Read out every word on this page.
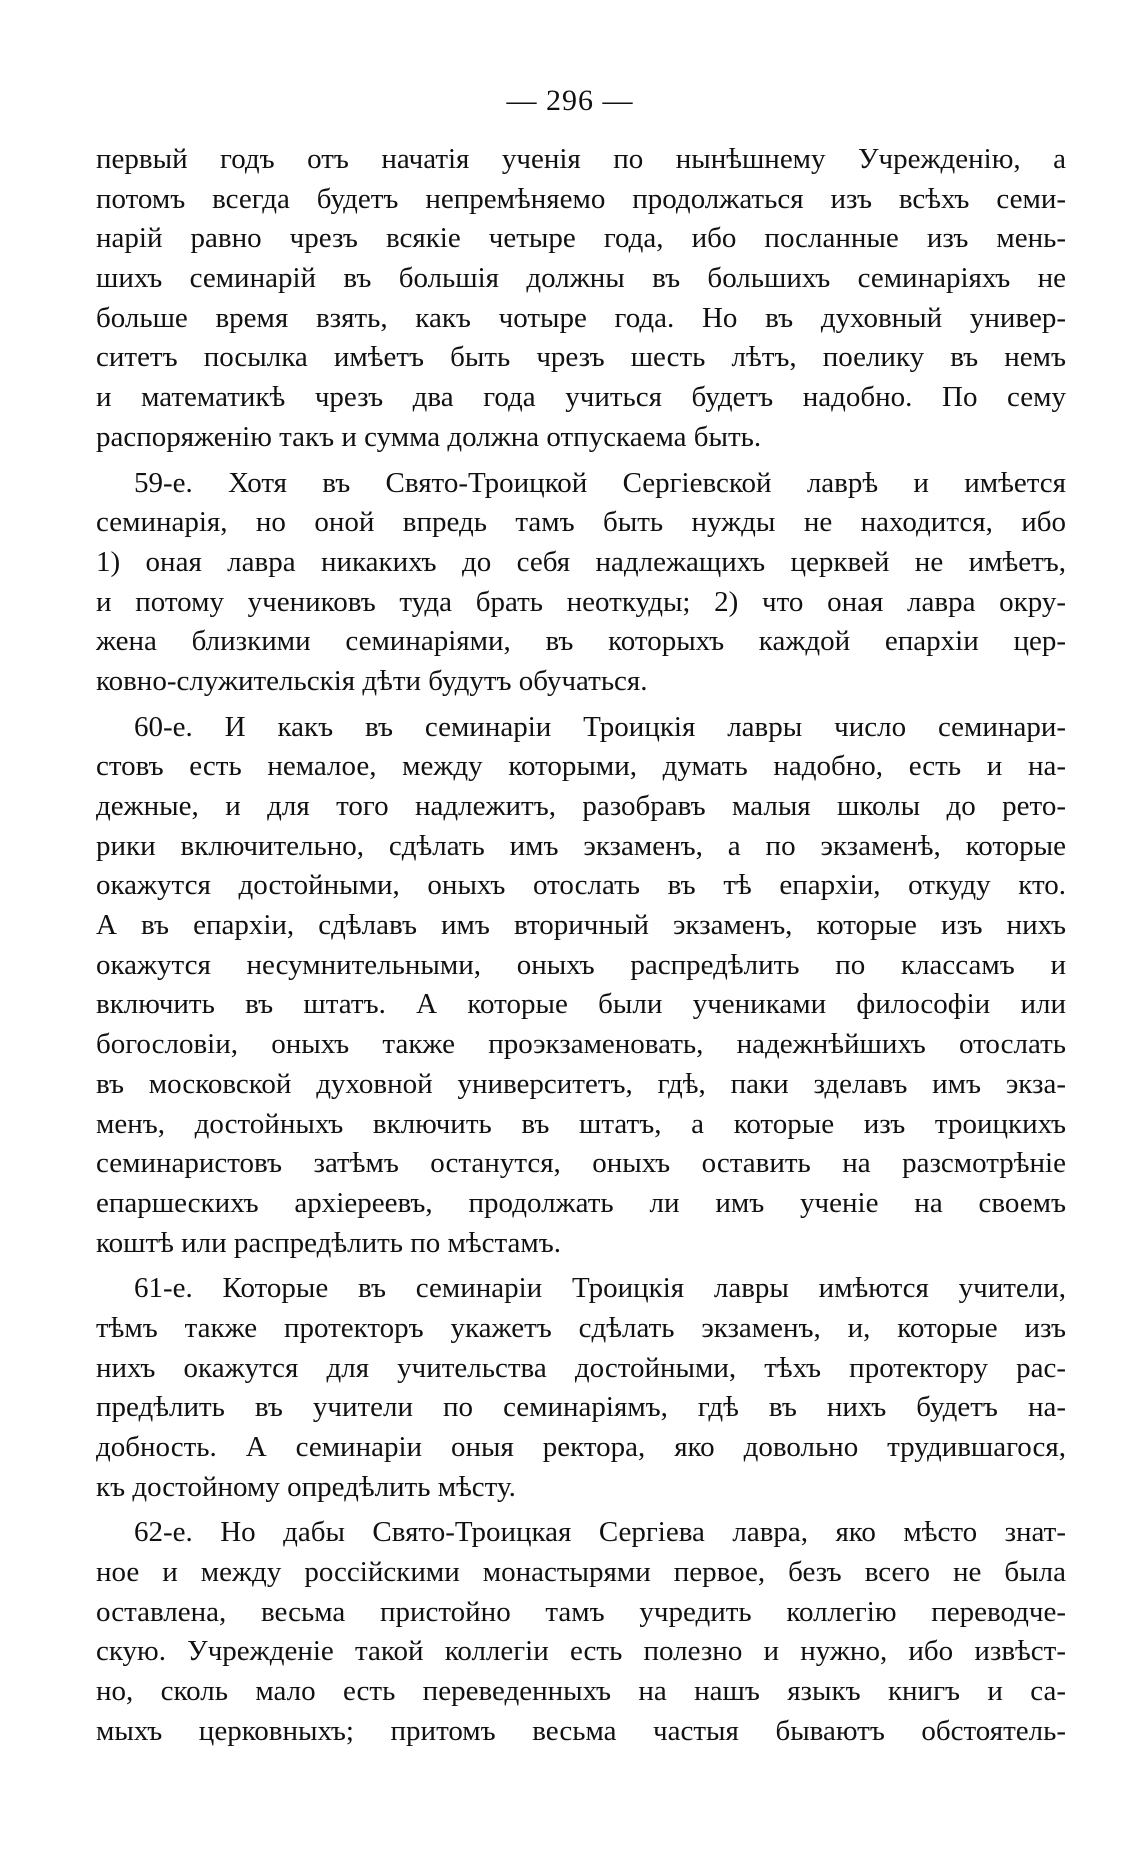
— 296 —
первый годъ отъ начатія ученія по нынѣшнему Учрежденію, а
потомъ всегда будетъ непремѣняемо продолжаться изъ всѣхъ семи-
нарій равно чрезъ всякіе четыре года, ибо посланные изъ мень-
шихъ семинарій въ большія должны въ большихъ семинаріяхъ не
больше время взять, какъ чотыре года. Но въ духовный универ-
ситетъ посылка имѣетъ быть чрезъ шесть лѣтъ, поелику въ немъ
и математикѣ чрезъ два года учиться будетъ надобно. По сему
распоряженію такъ и сумма должна отпускаема быть.
59-е. Хотя въ Свято-Троицкой Сергіевской лаврѣ и имѣется
семинарія, но оной впредь тамъ быть нужды не находится, ибо
1) оная лавра никакихъ до себя надлежащихъ церквей не имѣетъ,
и потому учениковъ туда брать неоткуды; 2) что оная лавра окру-
жена близкими семинаріями, въ которыхъ каждой епархіи цер-
ковно-служительскія дѣти будутъ обучаться.
60-е. И какъ въ семинаріи Троицкія лавры число семинари-
стовъ есть немалое, между которыми, думать надобно, есть и на-
дежные, и для того надлежитъ, разобравъ малыя школы до рето-
рики включительно, сдѣлать имъ экзаменъ, а по экзаменѣ, которые
окажутся достойными, оныхъ отослать въ тѣ епархіи, откуду кто.
А въ епархіи, сдѣлавъ имъ вторичный экзаменъ, которые изъ нихъ
окажутся несумнительными, оныхъ распредѣлить по классамъ и
включить въ штатъ. А которые были учениками философіи или
богословіи, оныхъ также проэкзаменовать, надежнѣйшихъ отослать
въ московской духовной университетъ, гдѣ, паки зделавъ имъ экза-
менъ, достойныхъ включить въ штатъ, а которые изъ троицкихъ
семинаристовъ затѣмъ останутся, оныхъ оставить на разсмотрѣніе
епаршескихъ архіереевъ, продолжать ли имъ ученіе на своемъ
коштѣ или распредѣлить по мѣстамъ.
61-е. Которые въ семинаріи Троицкія лавры имѣются учители,
тѣмъ также протекторъ укажетъ сдѣлать экзаменъ, и, которые изъ
нихъ окажутся для учительства достойными, тѣхъ протектору рас-
предѣлить въ учители по семинаріямъ, гдѣ въ нихъ будетъ на-
добность. А семинаріи оныя ректора, яко довольно трудившагося,
къ достойному опредѣлить мѣсту.
62-е. Но дабы Свято-Троицкая Сергіева лавра, яко мѣсто знат-
ное и между россійскими монастырями первое, безъ всего не была
оставлена, весьма пристойно тамъ учредить коллегію переводче-
скую. Учрежденіе такой коллегіи есть полезно и нужно, ибо извѣст-
но, сколь мало есть переведенныхъ на нашъ языкъ книгъ и са-
мыхъ церковныхъ; притомъ весьма частыя бываютъ обстоятель-
